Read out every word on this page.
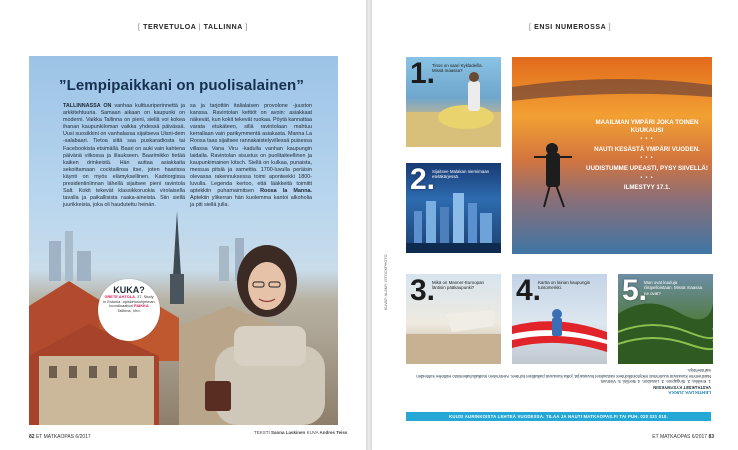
[ TERVETULOA | TALLINNA ]
”Lempipaikkani on puolisalainen”
TALLINNASSA ON vanhaa kulttuuriperinnettä ja arkkitehtuuria. Samaan aikaan on kaupunki on moderni. Vaikka Tallinna on pieni, siellä voi kokea ihanan kaupunkiloman vaikka yhdessä päivässä. Uusi suosikkini on vanhalassa sijaitseva Uisni-dem -salabaari. Tietoa siitä saa puskaradiosta tai Facebookista etsimällä. Baari on auki vain kahtena päivänä viikossa ja illaukseen. Baarimikko tietää kaiken drinkeistä. Hän auttaa asiakkaita sekoittamaan cocktailinsa itse, joten haarissa käynti on myös elämyksellinen. Kadriorgissa presidentinlinnan lähellä sijaitsee pieni ravintola Salt. Kokit tekevät klassikkoruokia virolaisella tavalla ja paikallisista raaka-aineista. Siin siellä juurikkeista, joka oli haudutettu heinän.
sa ja tarjottiin italialaisen provolone -juuston kanssa. Ravintolan kettiöt on avoin: asiakkaat näkevät, kun kokit tekevät ruokaa. Pöytä kannattaa varata etukäteen, sillä ravintolaan mahtuu kerrallaan vain parikymmentä asiakasta. Manna La Roosa taas sijaitsee rannakaistelyvillessä puisessa villassa Vana Viru -kadulla vanhan kaupungin laidalla. Ravintolan sisustus on puolitaiteellinen ja kaupunkimainen kitsch. Siellä on kulkaa, punaista, messua pitsiä ja samettia. 1700-luvulla peräisin olevassa rakennuksessa toimi aponteekki 1800-luvulla. Legenda kertoo, että lääkkeitä toimitti aptekkiin puhamaimitsen Roosa la Manna. Aptekiin ylikerran hän kuolemma kantoi alkoholia ja piti siellä julla.
KUKA?
GRETE AHTOLA, 37, Study in Estonia -opiskelusohjelman koordinaattori PAIKKA Tallinna, Viro.
TEKSTI Sanna Laskinen KUVA Andres Teiss
82 ET MATKAOPAS 6/2017
[ ENSI NUMEROSSA ]
KUVAT: ALAMY, ISTOCKPHOTO
1.
Tinos on saari Kykladeilla. Missä maassa?
2.
Sijaitsee Malakan niemimaan eteläkärjessä.
MAAILMAN YMPÄRI JOKA TOINEN KUUKAUSI
• • •
NAUTI KESÄSTÄ YMPÄRI VUODEN.
• • •
UUDISTUMME UPEASTI, PYSY SIIVELLÄ!
• • •
ILMESTYY 17.1.
3.
Mikä on Manner-Euroopan läntisin pääkaupunki?	4.
Kartta on lainan kaupungin tuntomerkki.	5.
Mun ovat kuuluja riisipelloistaan. Missä maassa ne ovat?
LEHTIKUVA JUKKA
VASTAUKSET KYSYMYKSIIN
1. Kreikka. 2. Singapore. 3. Lissabon. 4. Berliini. 5. Vietnam.
Naishemme kuvasivat suurimmat rekrytointikohteet vastaukset kuvasarjat, jotka kuvaavat paikalliset kohteet. Aiemminen matkailuhakemisto esittelee kohteiden vaihtoehtoja.
KUUSI AURINKOISTA LEHTEÄ VUODESSA. TILAA JA NAUTI MATKAOPAS.FI TAI PUH. 020 331 010.
ET MATKAOPAS 6/2017 83
